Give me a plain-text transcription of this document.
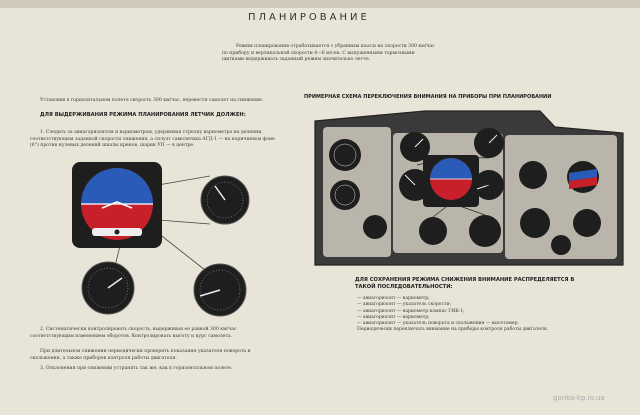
ПЛАНИРОВАНИЕ
Режим планирования отрабатывается с убранным шасси на скорости 300 км/час по прибору и вертикальной скорости 4—6 м/сек. С выпущенными тормозными щитками выдерживать заданный режим значительно легче.
Установив в горизонтальном полете скорость 300 км/час, перевести самолет на снижение.
ДЛЯ ВЫДЕРЖИВАНИЯ РЕЖИМА ПЛАНИРОВАНИЯ ЛЕТЧИК ДОЛЖЕН:
1. Следить за авиагоризонтом и вариометром, удерживая стрелку вариометра на делении, соответствующем заданной скорости снижения, а силуэт самолетика АГД-1 — на коричневом фоне (6°) против нулевых делений шкалы кренов, шарик УП — в центре.
2. Систематически контролировать скорость, выдерживая ее равной 300 км/час соответствующим изменением оборотов. Контролировать высоту и курс самолета.
При длительном снижении периодически проверять показания указателя поворота и скольжения, а также приборов контроля работы двигателя.
3. Отклонения при снижении устранять так же, как в горизонтальном полете.
ПРИМЕРНАЯ СХЕМА ПЕРЕКЛЮЧЕНИЯ ВНИМАНИЯ НА ПРИБОРЫ ПРИ ПЛАНИРОВАНИИ
ДЛЯ СОХРАНЕНИЯ РЕЖИМА СНИЖЕНИЯ ВНИМАНИЕ РАСПРЕДЕЛЯЕТСЯ В ТАКОЙ ПОСЛЕДОВАТЕЛЬНОСТИ:
— авиагоризонт — вариометр;
— авиагоризонт — указатель скорости;
— авиагоризонт — вариометр-компас ГИК-1;
— авиагоризонт — вариометр;
— авиагоризонт — указатель поворота и скольжения — высотомер.
Периодически переключать внимание на приборы контроля работы двигателя.
gonka-kр.io.ua
